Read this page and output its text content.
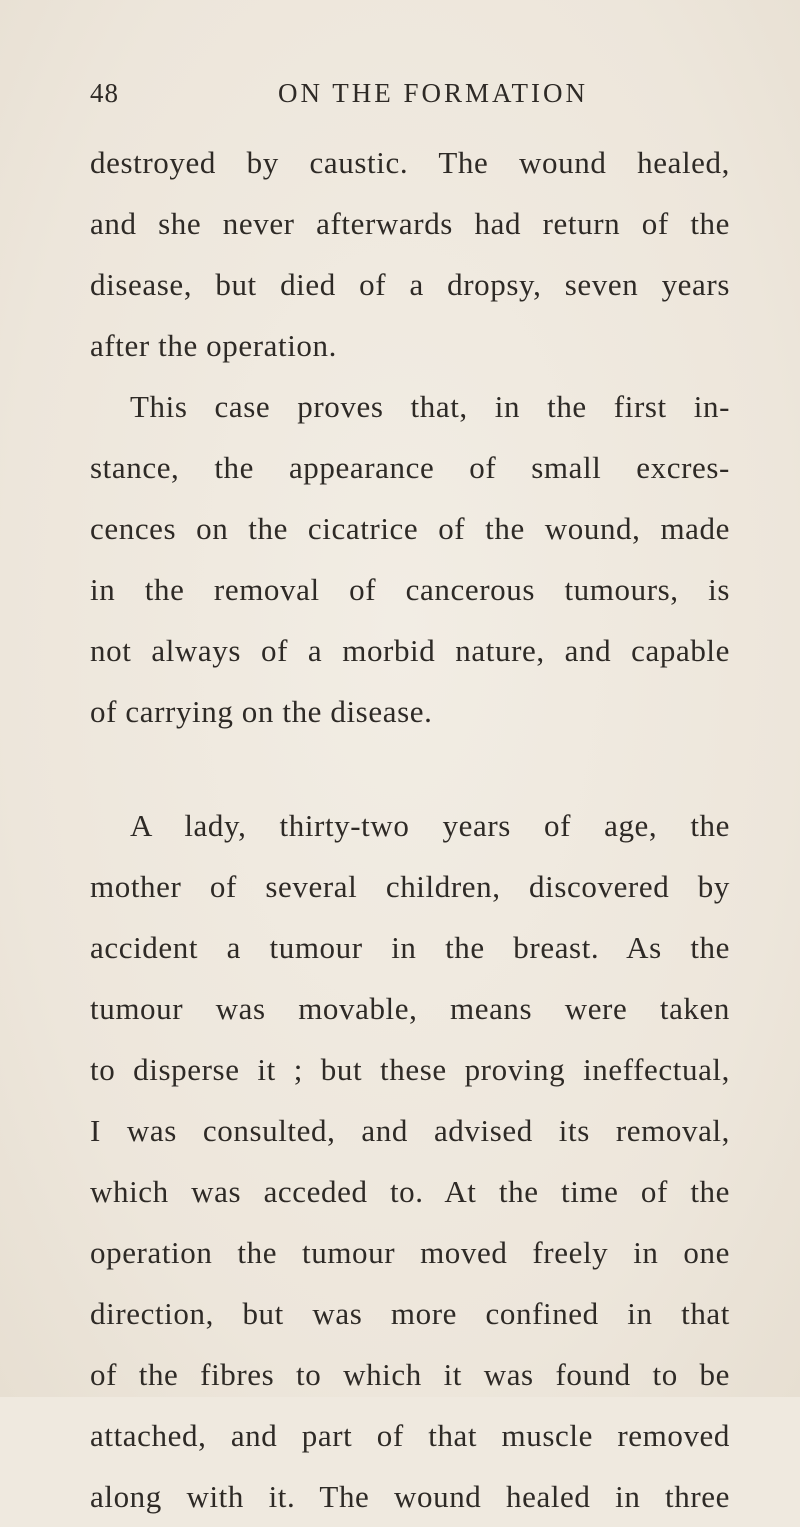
48	ON THE FORMATION
destroyed by caustic. The wound healed,
and she never afterwards had return of the
disease, but died of a dropsy, seven years
after the operation.
This case proves that, in the first in-
stance, the appearance of small excres-
cences on the cicatrice of the wound, made
in the removal of cancerous tumours, is
not always of a morbid nature, and capable
of carrying on the disease.
A lady, thirty-two years of age, the
mother of several children, discovered by
accident a tumour in the breast. As the
tumour was movable, means were taken
to disperse it ; but these proving ineffectual,
I was consulted, and advised its removal,
which was acceded to. At the time of the
operation the tumour moved freely in one
direction, but was more confined in that
of the fibres to which it was found to be
attached, and part of that muscle removed
along with it. The wound healed in three
